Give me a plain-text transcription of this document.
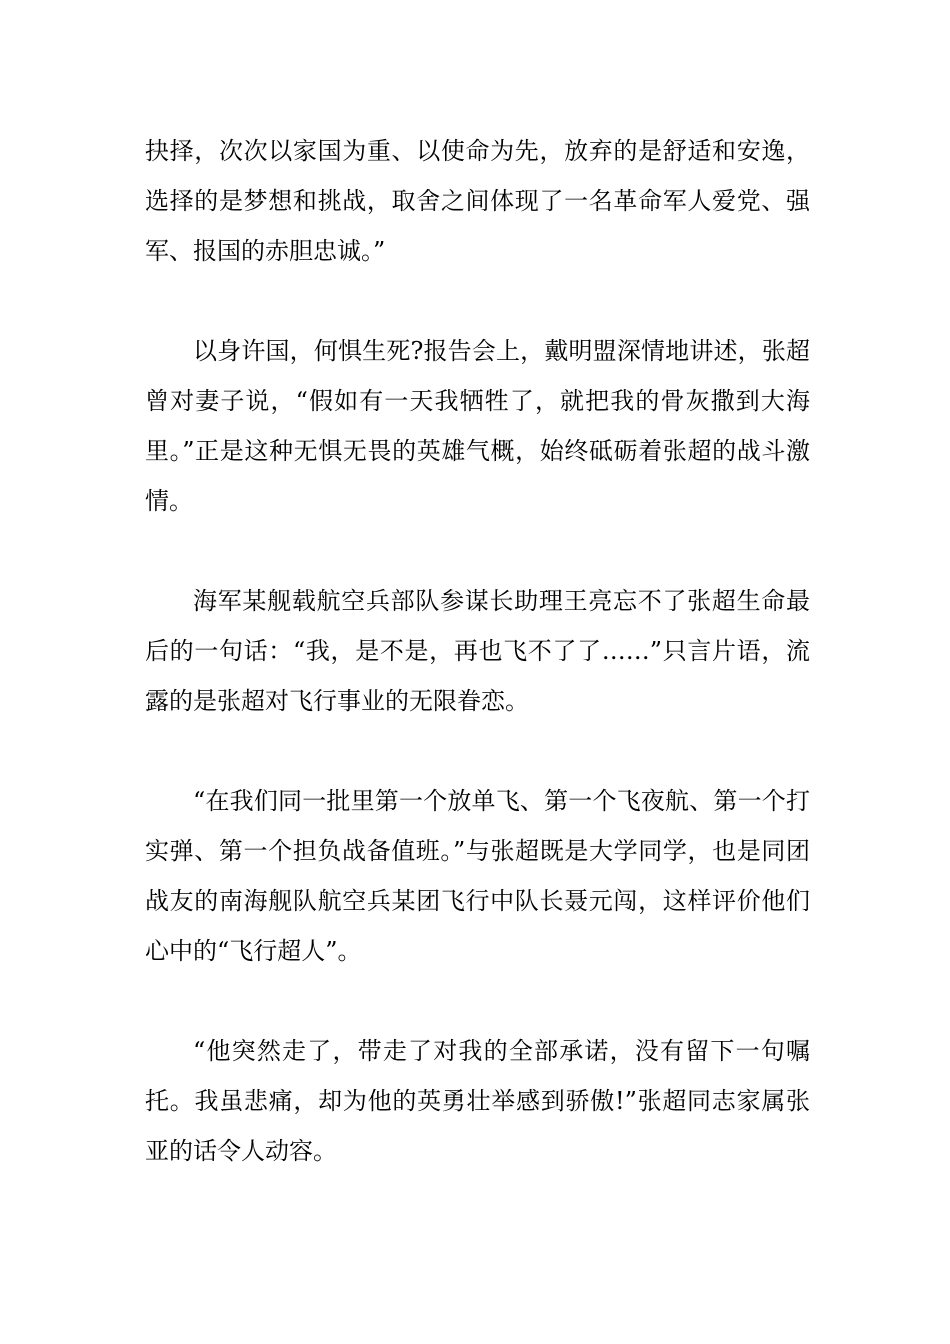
抉择，次次以家国为重、以使命为先，放弃的是舒适和安逸，选择的是梦想和挑战，取舍之间体现了一名革命军人爱党、强军、报国的赤胆忠诚。”

以身许国，何惧生死?报告会上，戴明盟深情地讲述，张超曾对妻子说，“假如有一天我牺牲了，就把我的骨灰撒到大海里。”正是这种无惧无畏的英雄气概，始终砥砺着张超的战斗激情。

海军某舰载航空兵部队参谋长助理王亮忘不了张超生命最后的一句话：“我，是不是，再也飞不了了……”只言片语，流露的是张超对飞行事业的无限眷恋。

“在我们同一批里第一个放单飞、第一个飞夜航、第一个打实弹、第一个担负战备值班。”与张超既是大学同学，也是同团战友的南海舰队航空兵某团飞行中队长聂元闯，这样评价他们心中的“飞行超人”。

“他突然走了，带走了对我的全部承诺，没有留下一句嘱托。我虽悲痛，却为他的英勇壮举感到骄傲!”张超同志家属张亚的话令人动容。
